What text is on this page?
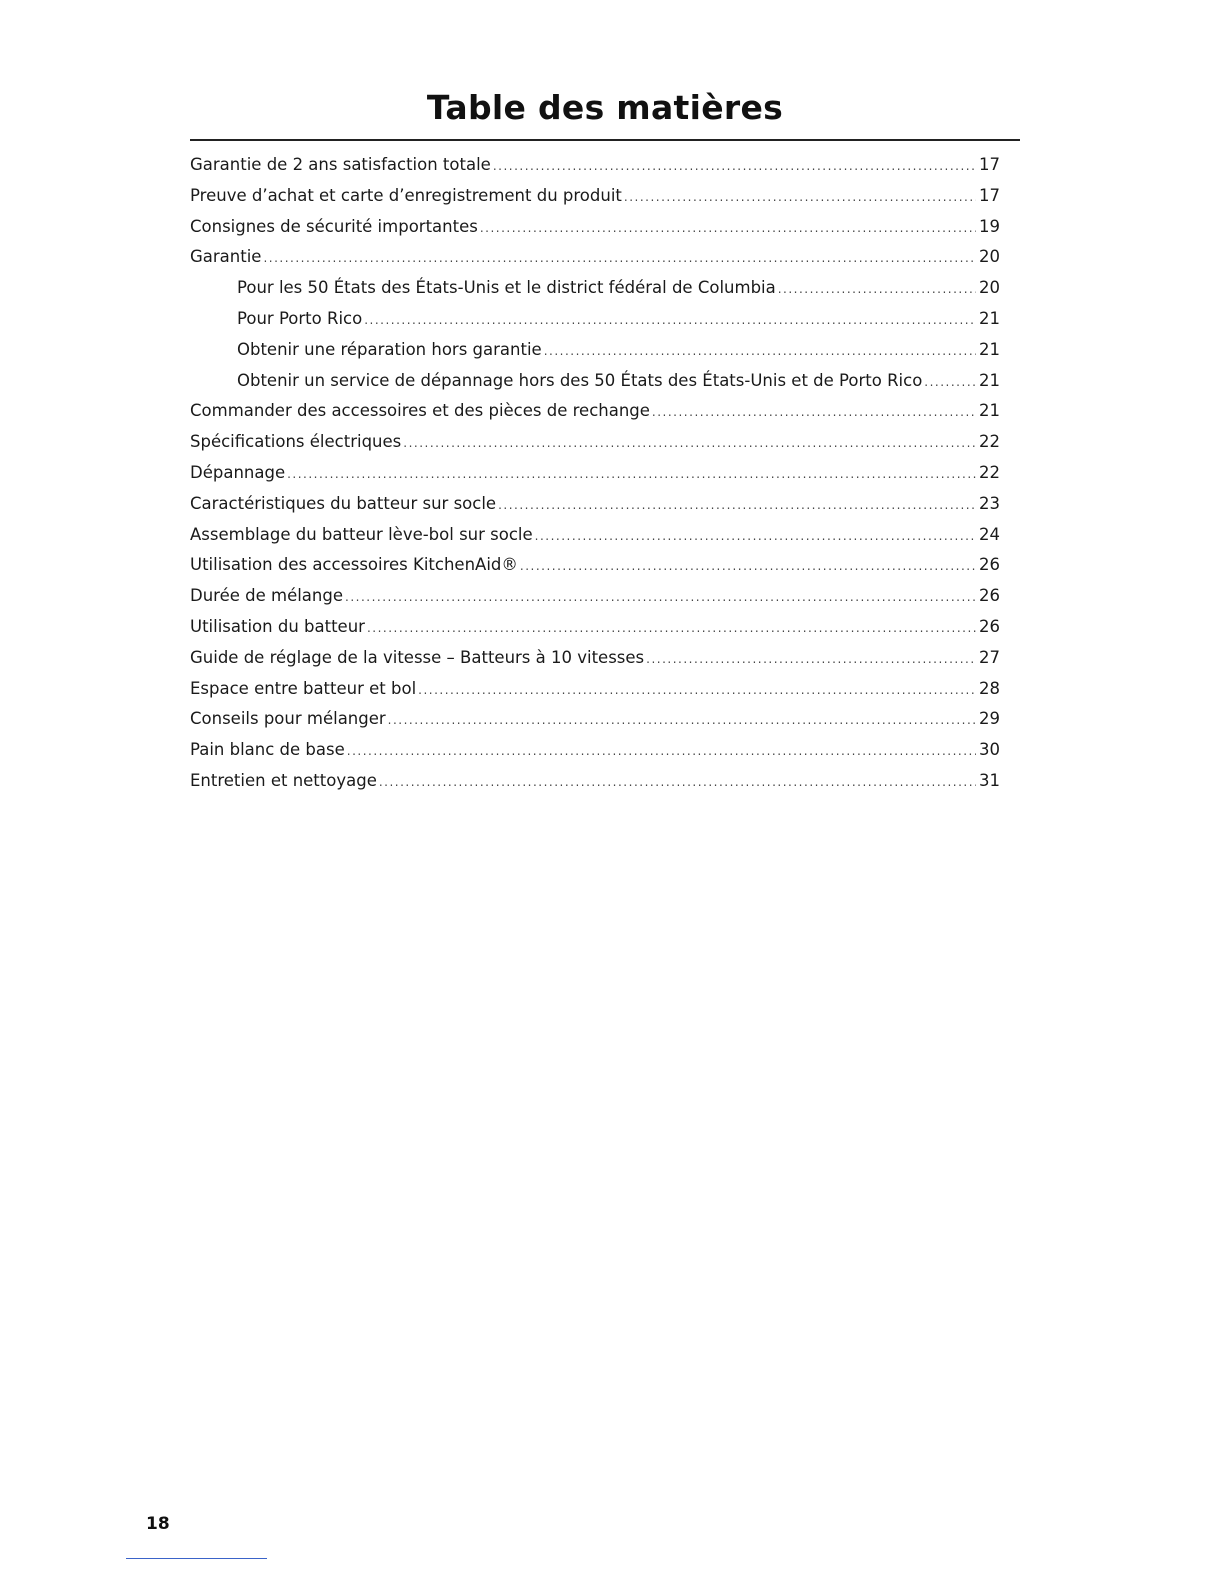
Table des matières
Garantie de 2 ans satisfaction totale .....	17
Preuve d’achat et carte d’enregistrement du produit .....	17
Consignes de sécurité importantes .....	19
Garantie .....	20
Pour les 50 États des États-Unis et le district fédéral de Columbia .....	20
Pour Porto Rico .....	21
Obtenir une réparation hors garantie .....	21
Obtenir un service de dépannage hors des 50 États des États-Unis et de Porto Rico .....	21
Commander des accessoires et des pièces de rechange .....	21
Spécifications électriques .....	22
Dépannage .....	22
Caractéristiques du batteur sur socle .....	23
Assemblage du batteur lève-bol sur socle .....	24
Utilisation des accessoires KitchenAid® .....	26
Durée de mélange .....	26
Utilisation du batteur .....	26
Guide de réglage de la vitesse – Batteurs à 10 vitesses .....	27
Espace entre batteur et bol .....	28
Conseils pour mélanger .....	29
Pain blanc de base .....	30
Entretien et nettoyage .....	31
18
